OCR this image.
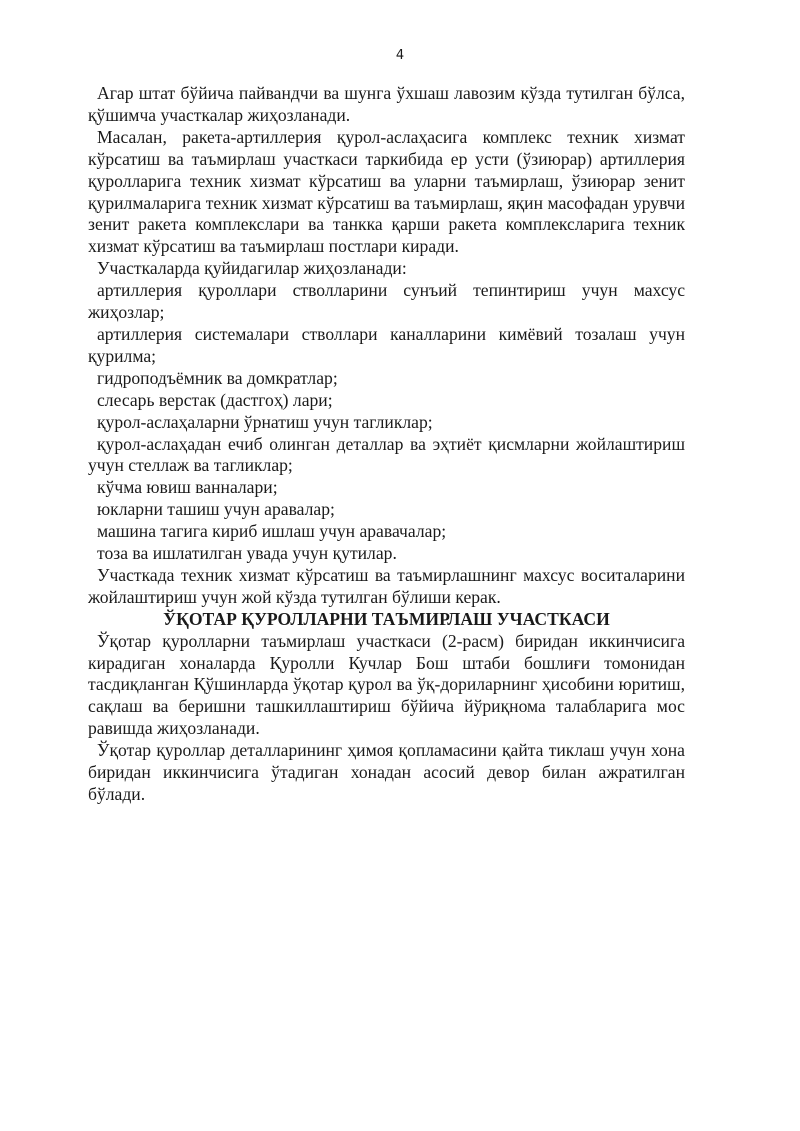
4

Агар штат бўйича пайвандчи ва шунга ўхшаш лавозим кўзда тутилган бўлса, қўшимча участкалар жиҳозланади.

Масалан, ракета-артиллерия қурол-аслаҳасига комплекс техник хизмат кўрсатиш ва таъмирлаш участкаси таркибида ер усти (ўзиюрар) артиллерия қуролларига техник хизмат кўрсатиш ва уларни таъмирлаш, ўзиюрар зенит қурилмаларига техник хизмат кўрсатиш ва таъмирлаш, яқин масофадан урувчи зенит ракета комплекслари ва танкка қарши ракета комплексларига техник хизмат кўрсатиш ва таъмирлаш постлари киради.

Участкаларда қуйидагилар жиҳозланади:

артиллерия қуроллари стволларини сунъий тепинтириш учун махсус жиҳозлар;

артиллерия системалари стволлари каналларини кимёвий тозалаш учун қурилма;

гидроподъёмник ва домкратлар;

слесарь верстак (дастгоҳ) лари;

қурол-аслаҳаларни ўрнатиш учун тагликлар;

қурол-аслаҳадан ечиб олинган деталлар ва эҳтиёт қисмларни жойлаштириш учун стеллаж ва тагликлар;

кўчма ювиш ванналари;

юкларни ташиш учун аравалар;

машина тагига кириб ишлаш учун аравачалар;

тоза ва ишлатилган увада учун қутилар.

Участкада техник хизмат кўрсатиш ва таъмирлашнинг махсус воситаларини жойлаштириш учун жой кўзда тутилган бўлиши керак.

ЎҚОТАР ҚУРОЛЛАРНИ ТАЪМИРЛАШ УЧАСТКАСИ

Ўқотар қуролларни таъмирлаш участкаси (2-расм) биридан иккинчисига кирадиган хоналарда Қуролли Кучлар Бош штаби бошлиғи томонидан тасдиқланган Қўшинларда ўқотар қурол ва ўқ-дориларнинг ҳисобини юритиш, сақлаш ва беришни ташкиллаштириш бўйича йўриқнома талабларига мос равишда жиҳозланади.

Ўқотар қуроллар деталларининг ҳимоя қопламасини қайта тиклаш учун хона биридан иккинчисига ўтадиган хонадан асосий девор билан ажратилган бўлади.
